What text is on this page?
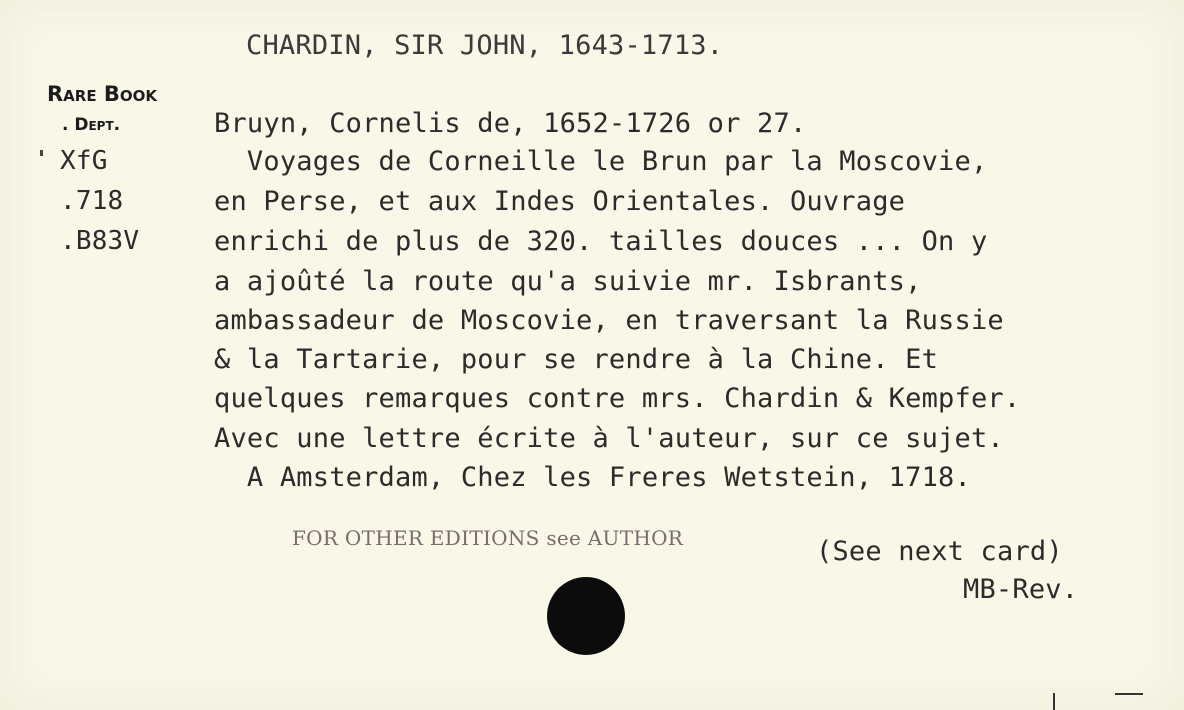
CHARDIN, SIR JOHN, 1643-1713.
Rare Book
. Dept.
XfG
.718
.B83V
Bruyn, Cornelis de, 1652-1726 or 27.
Voyages de Corneille le Brun par la Moscovie,
en Perse, et aux Indes Orientales. Ouvrage
enrichi de plus de 320. tailles douces ... On y
a ajoûté la route qu'a suivie mr. Isbrants,
ambassadeur de Moscovie, en traversant la Russie
& la Tartarie, pour se rendre à la Chine. Et
quelques remarques contre mrs. Chardin & Kempfer.
Avec une lettre écrite à l'auteur, sur ce sujet.
A Amsterdam, Chez les Freres Wetstein, 1718.
FOR OTHER EDITIONS see AUTHOR	(See next card)
MB-Rev.
